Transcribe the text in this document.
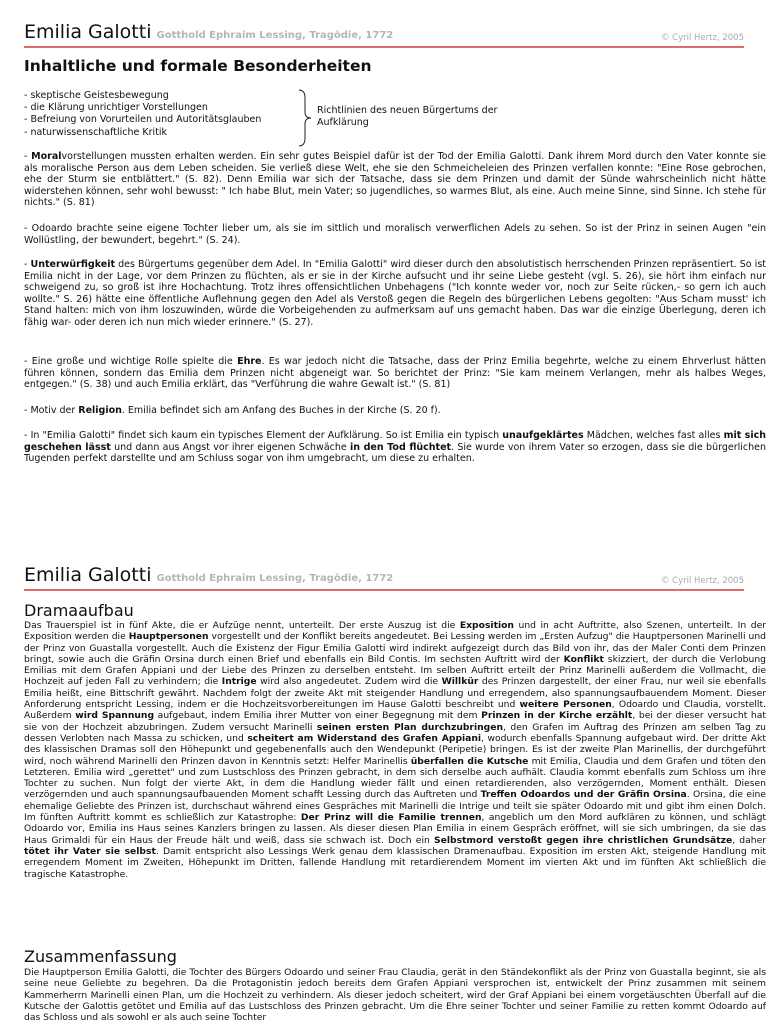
Emilia Galotti Gotthold Ephraim Lessing, Tragödie, 1772	© Cyril Hertz, 2005
Inhaltliche und formale Besonderheiten
- skeptische Geistesbewegung
- die Klärung unrichtiger Vorstellungen
- Befreiung von Vorurteilen und Autoritätsglauben
- naturwissenschaftliche Kritik
Richtlinien des neuen Bürgertums der
Aufklärung
- Moralvorstellungen mussten erhalten werden. Ein sehr gutes Beispiel dafür ist der Tod der Emilia Galotti. Dank ihrem Mord durch den Vater konnte sie als moralische Person aus dem Leben scheiden. Sie verließ diese Welt, ehe sie den Schmeicheleien des Prinzen verfallen konnte: "Eine Rose gebrochen, ehe der Sturm sie entblättert." (S. 82). Denn Emilia war sich der Tatsache, dass sie dem Prinzen und damit der Sünde wahrscheinlich nicht hätte widerstehen können, sehr wohl bewusst: " Ich habe Blut, mein Vater; so jugendliches, so warmes Blut, als eine. Auch meine Sinne, sind Sinne. Ich stehe für nichts." (S. 81)
- Odoardo brachte seine eigene Tochter lieber um, als sie im sittlich und moralisch verwerflichen Adels zu sehen. So ist der Prinz in seinen Augen "ein Wollüstling, der bewundert, begehrt." (S. 24).
- Unterwürfigkeit des Bürgertums gegenüber dem Adel. In "Emilia Galotti" wird dieser durch den absolutistisch herrschenden Prinzen repräsentiert. So ist Emilia nicht in der Lage, vor dem Prinzen zu flüchten, als er sie in der Kirche aufsucht und ihr seine Liebe gesteht (vgl. S. 26), sie hört ihm einfach nur schweigend zu, so groß ist ihre Hochachtung. Trotz ihres offensichtlichen Unbehagens ("Ich konnte weder vor, noch zur Seite rücken,- so gern ich auch wollte." S. 26) hätte eine öffentliche Auflehnung gegen den Adel als Verstoß gegen die Regeln des bürgerlichen Lebens gegolten: "Aus Scham musst' ich Stand halten: mich von ihm loszuwinden, würde die Vorbeigehenden zu aufmerksam auf uns gemacht haben. Das war die einzige Überlegung, deren ich fähig war- oder deren ich nun mich wieder erinnere." (S. 27).
- Eine große und wichtige Rolle spielte die Ehre. Es war jedoch nicht die Tatsache, dass der Prinz Emilia begehrte, welche zu einem Ehrverlust hätten führen können, sondern das Emilia dem Prinzen nicht abgeneigt war. So berichtet der Prinz: "Sie kam meinem Verlangen, mehr als halbes Weges, entgegen." (S. 38) und auch Emilia erklärt, das "Verführung die wahre Gewalt ist." (S. 81)
- Motiv der Religion. Emilia befindet sich am Anfang des Buches in der Kirche (S. 20 f).
- In "Emilia Galotti" findet sich kaum ein typisches Element der Aufklärung. So ist Emilia ein typisch unaufgeklärtes Mädchen, welches fast alles mit sich geschehen lässt und dann aus Angst vor ihrer eigenen Schwäche in den Tod flüchtet. Sie wurde von ihrem Vater so erzogen, dass sie die bürgerlichen Tugenden perfekt darstellte und am Schluss sogar von ihm umgebracht, um diese zu erhalten.
Emilia Galotti Gotthold Ephraim Lessing, Tragödie, 1772	© Cyril Hertz, 2005
Dramaaufbau
Das Trauerspiel ist in fünf Akte, die er Aufzüge nennt, unterteilt. Der erste Auszug ist die Exposition und in acht Auftritte, also Szenen, unterteilt. In der Exposition werden die Hauptpersonen vorgestellt und der Konflikt bereits angedeutet. Bei Lessing werden im „Ersten Aufzug" die Hauptpersonen Marinelli und der Prinz von Guastalla vorgestellt. Auch die Existenz der Figur Emilia Galotti wird indirekt aufgezeigt durch das Bild von ihr, das der Maler Conti dem Prinzen bringt, sowie auch die Gräfin Orsina durch einen Brief und ebenfalls ein Bild Contis. Im sechsten Auftritt wird der Konflikt skizziert, der durch die Verlobung Emilias mit dem Grafen Appiani und der Liebe des Prinzen zu derselben entsteht. Im selben Auftritt erteilt der Prinz Marinelli außerdem die Vollmacht, die Hochzeit auf jeden Fall zu verhindern; die Intrige wird also angedeutet. Zudem wird die Willkür des Prinzen dargestellt, der einer Frau, nur weil sie ebenfalls Emilia heißt, eine Bittschrift gewährt. Nachdem folgt der zweite Akt mit steigender Handlung und erregendem, also spannungsaufbauendem Moment. Dieser Anforderung entspricht Lessing, indem er die Hochzeitsvorbereitungen im Hause Galotti beschreibt und weitere Personen, Odoardo und Claudia, vorstellt. Außerdem wird Spannung aufgebaut, indem Emilia ihrer Mutter von einer Begegnung mit dem Prinzen in der Kirche erzählt, bei der dieser versucht hat sie von der Hochzeit abzubringen. Zudem versucht Marinelli seinen ersten Plan durchzubringen, den Grafen im Auftrag des Prinzen am selben Tag zu dessen Verlobten nach Massa zu schicken, und scheitert am Widerstand des Grafen Appiani, wodurch ebenfalls Spannung aufgebaut wird. Der dritte Akt des klassischen Dramas soll den Höhepunkt und gegebenenfalls auch den Wendepunkt (Peripetie) bringen. Es ist der zweite Plan Marinellis, der durchgeführt wird, noch während Marinelli den Prinzen davon in Kenntnis setzt: Helfer Marinellis überfallen die Kutsche mit Emilia, Claudia und dem Grafen und töten den Letzteren. Emilia wird „gerettet" und zum Lustschloss des Prinzen gebracht, in dem sich derselbe auch aufhält. Claudia kommt ebenfalls zum Schloss um ihre Tochter zu suchen. Nun folgt der vierte Akt, in dem die Handlung wieder fällt und einen retardierenden, also verzögernden, Moment enthält. Diesen verzögernden und auch spannungsaufbauenden Moment schafft Lessing durch das Auftreten und Treffen Odoardos und der Gräfin Orsina. Orsina, die eine ehemalige Geliebte des Prinzen ist, durchschaut während eines Gespräches mit Marinelli die Intrige und teilt sie später Odoardo mit und gibt ihm einen Dolch. Im fünften Auftritt kommt es schließlich zur Katastrophe: Der Prinz will die Familie trennen, angeblich um den Mord aufklären zu können, und schlägt Odoardo vor, Emilia ins Haus seines Kanzlers bringen zu lassen. Als dieser diesen Plan Emilia in einem Gespräch eröffnet, will sie sich umbringen, da sie das Haus Grimaldi für ein Haus der Freude hält und weiß, dass sie schwach ist. Doch ein Selbstmord verstoßt gegen ihre christlichen Grundsätze, daher tötet ihr Vater sie selbst. Damit entspricht also Lessings Werk genau dem klassischen Dramenaufbau. Exposition im ersten Akt, steigende Handlung mit erregendem Moment im Zweiten, Höhepunkt im Dritten, fallende Handlung mit retardierendem Moment im vierten Akt und im fünften Akt schließlich die tragische Katastrophe.
Zusammenfassung
Die Hauptperson Emilia Galotti, die Tochter des Bürgers Odoardo und seiner Frau Claudia, gerät in den Ständekonflikt als der Prinz von Guastalla beginnt, sie als seine neue Geliebte zu begehren. Da die Protagonistin jedoch bereits dem Grafen Appiani versprochen ist, entwickelt der Prinz zusammen mit seinem Kammerherrn Marinelli einen Plan, um die Hochzeit zu verhindern. Als dieser jedoch scheitert, wird der Graf Appiani bei einem vorgetäuschten Überfall auf die Kutsche der Galottis getötet und Emilia auf das Lustschloss des Prinzen gebracht. Um die Ehre seiner Tochter und seiner Familie zu retten kommt Odoardo auf das Schloss und als sowohl er als auch seine Tochter
